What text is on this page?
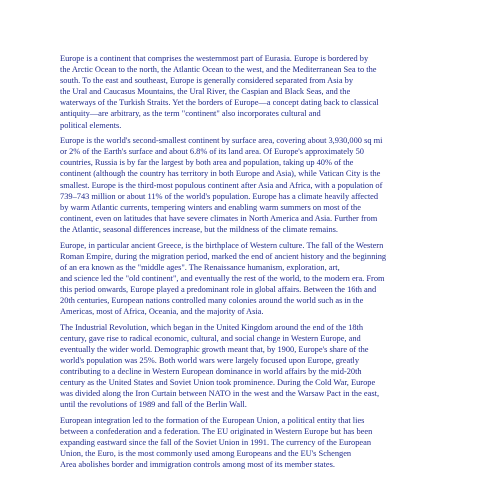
Europe is a continent that comprises the westernmost part of Eurasia. Europe is bordered by
the Arctic Ocean to the north, the Atlantic Ocean to the west, and the Mediterranean Sea to the
south. To the east and southeast, Europe is generally considered separated from Asia by
the Ural and Caucasus Mountains, the Ural River, the Caspian and Black Seas, and the
waterways of the Turkish Straits. Yet the borders of Europe—a concept dating back to classical
antiquity—are arbitrary, as the term "continent" also incorporates cultural and
political elements.

Europe is the world's second-smallest continent by surface area, covering about 3,930,000 sq mi
or 2% of the Earth's surface and about 6.8% of its land area. Of Europe's approximately 50
countries, Russia is by far the largest by both area and population, taking up 40% of the
continent (although the country has territory in both Europe and Asia), while Vatican City is the
smallest. Europe is the third-most populous continent after Asia and Africa, with a population of
739–743 million or about 11% of the world's population. Europe has a climate heavily affected
by warm Atlantic currents, tempering winters and enabling warm summers on most of the
continent, even on latitudes that have severe climates in North America and Asia. Further from
the Atlantic, seasonal differences increase, but the mildness of the climate remains.

Europe, in particular ancient Greece, is the birthplace of Western culture. The fall of the Western
Roman Empire, during the migration period, marked the end of ancient history and the beginning
of an era known as the "middle ages". The Renaissance humanism, exploration, art,
and science led the "old continent", and eventually the rest of the world, to the modern era. From
this period onwards, Europe played a predominant role in global affairs. Between the 16th and
20th centuries, European nations controlled many colonies around the world such as in the
Americas, most of Africa, Oceania, and the majority of Asia.

The Industrial Revolution, which began in the United Kingdom around the end of the 18th
century, gave rise to radical economic, cultural, and social change in Western Europe, and
eventually the wider world. Demographic growth meant that, by 1900, Europe's share of the
world's population was 25%. Both world wars were largely focused upon Europe, greatly
contributing to a decline in Western European dominance in world affairs by the mid-20th
century as the United States and Soviet Union took prominence. During the Cold War, Europe
was divided along the Iron Curtain between NATO in the west and the Warsaw Pact in the east,
until the revolutions of 1989 and fall of the Berlin Wall.

European integration led to the formation of the European Union, a political entity that lies
between a confederation and a federation. The EU originated in Western Europe but has been
expanding eastward since the fall of the Soviet Union in 1991. The currency of the European
Union, the Euro, is the most commonly used among Europeans and the EU's Schengen
Area abolishes border and immigration controls among most of its member states.
